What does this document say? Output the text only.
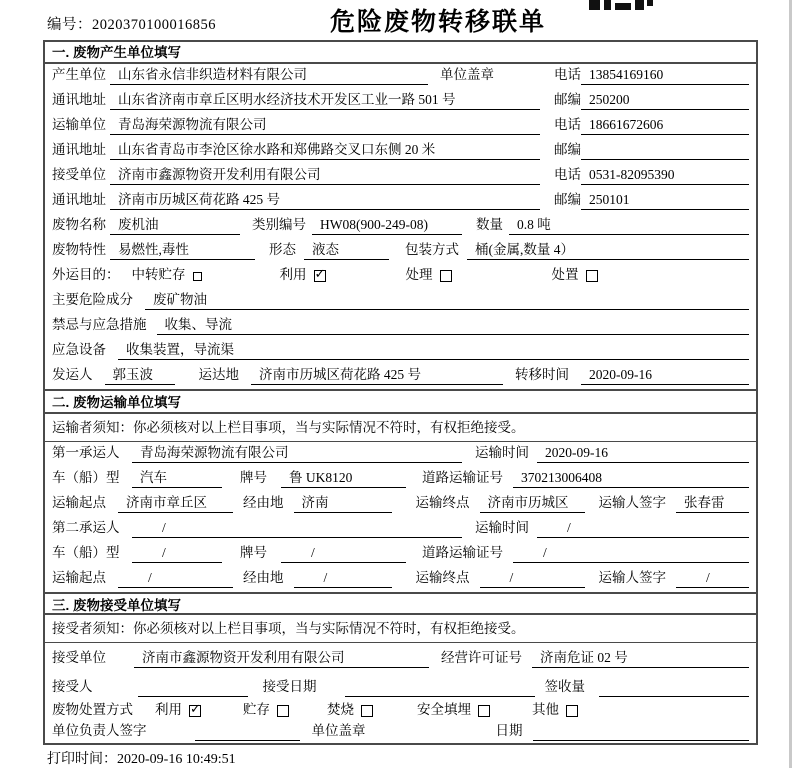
编号：2020370100016856	危险废物转移联单
一. 废物产生单位填写
产生单位 山东省永信非织造材料有限公司	单位盖章	电话 13854169160
通讯地址 山东省济南市章丘区明水经济技术开发区工业一路 501 号	邮编 250200
运输单位 青岛海荣源物流有限公司	电话 18661672606
通讯地址 山东省青岛市李沧区徐水路和郑佛路交叉口东侧 20 米	邮编
接受单位 济南市鑫源物资开发利用有限公司	电话 0531-82095390
通讯地址 济南市历城区荷花路 425 号	邮编 250101
废物名称 废机油	类别编号	HW08(900-249-08)	数量	0.8 吨
废物特性 易燃性,毒性	形态	液态	包装方式	桶(金属,数量 4）
外运目的： 中转贮存	利用 ✓	处理	处置
主要危险成分	废矿物油
禁忌与应急措施	收集、导流
应急设备	收集装置，导流渠
发运人	郭玉波	运达地	济南市历城区荷花路 425 号	转移时间	2020-09-16
二. 废物运输单位填写
运输者须知：你必须核对以上栏目事项，当与实际情况不符时，有权拒绝接受。
第一承运人	青岛海荣源物流有限公司	运输时间	2020-09-16
车（船）型	汽车	牌号	鲁 UK8120	道路运输证号	370213006408
运输起点	济南市章丘区	经由地	济南	运输终点	济南市历城区	运输人签字	张春雷
第二承运人	/	运输时间	/
车（船）型	/	牌号	/	道路运输证号	/
运输起点	/	经由地	/	运输终点	/	运输人签字	/
三. 废物接受单位填写
接受者须知：你必须核对以上栏目事项，当与实际情况不符时，有权拒绝接受。
接受单位	济南市鑫源物资开发利用有限公司	经营许可证号	济南危证 02 号
接受人	接受日期	签收量
废物处置方式 利用 ✓	贮存	焚烧	安全填埋	其他
单位负责人签字	单位盖章	日期
打印时间：2020-09-16 10:49:51
